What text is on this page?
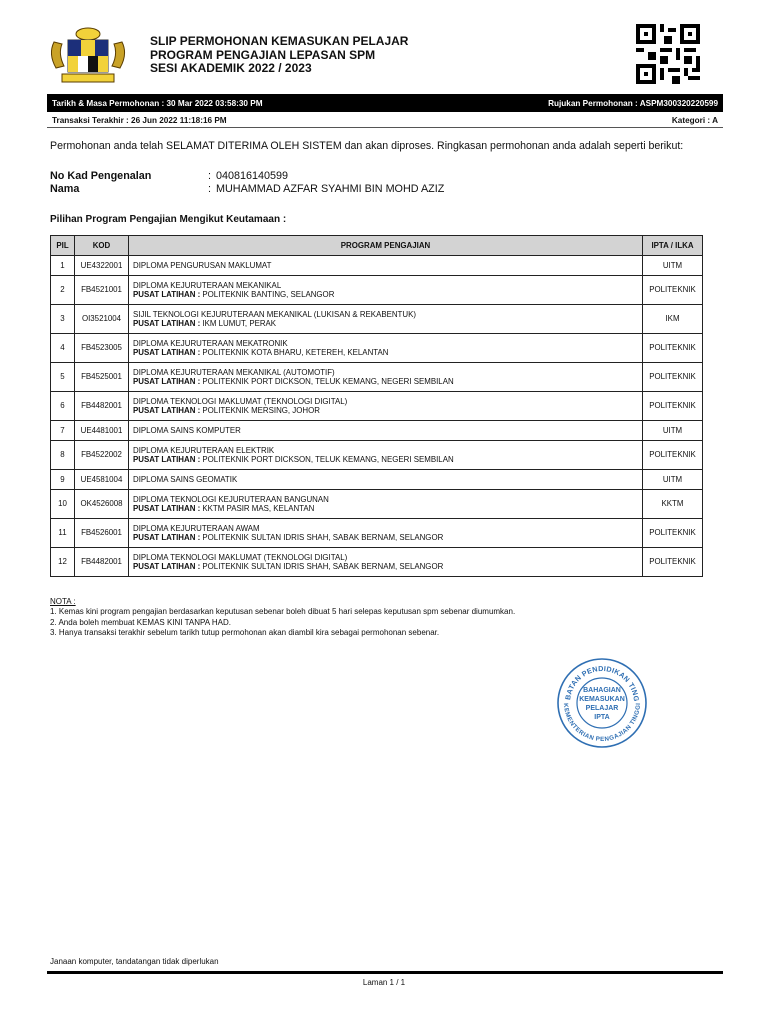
SLIP PERMOHONAN KEMASUKAN PELAJAR
PROGRAM PENGAJIAN LEPASAN SPM
SESI AKADEMIK 2022 / 2023
Tarikh & Masa Permohonan : 30 Mar 2022 03:58:30 PM	Rujukan Permohonan : ASPM300320220599
Transaksi Terakhir : 26 Jun 2022 11:18:16 PM	Kategori : A
Permohonan anda telah SELAMAT DITERIMA OLEH SISTEM dan akan diproses. Ringkasan permohonan anda adalah seperti berikut:
No Kad Pengenalan	: 040816140599
Nama	: MUHAMMAD AZFAR SYAHMI BIN MOHD AZIZ
Pilihan Program Pengajian Mengikut Keutamaan :
PIL	KOD	PROGRAM PENGAJIAN	IPTA / ILKA
1	UE4322001	DIPLOMA PENGURUSAN MAKLUMAT	UITM
2	FB4521001	DIPLOMA KEJURUTERAAN MEKANIKAL
PUSAT LATIHAN : POLITEKNIK BANTING, SELANGOR	POLITEKNIK
3	OI3521004	SIJIL TEKNOLOGI KEJURUTERAAN MEKANIKAL (LUKISAN & REKABENTUK)
PUSAT LATIHAN : IKM LUMUT, PERAK	IKM
4	FB4523005	DIPLOMA KEJURUTERAAN MEKATRONIK
PUSAT LATIHAN : POLITEKNIK KOTA BHARU, KETEREH, KELANTAN	POLITEKNIK
5	FB4525001	DIPLOMA KEJURUTERAAN MEKANIKAL (AUTOMOTIF)
PUSAT LATIHAN : POLITEKNIK PORT DICKSON, TELUK KEMANG, NEGERI SEMBILAN	POLITEKNIK
6	FB4482001	DIPLOMA TEKNOLOGI MAKLUMAT (TEKNOLOGI DIGITAL)
PUSAT LATIHAN : POLITEKNIK MERSING, JOHOR	POLITEKNIK
7	UE4481001	DIPLOMA SAINS KOMPUTER	UITM
8	FB4522002	DIPLOMA KEJURUTERAAN ELEKTRIK
PUSAT LATIHAN : POLITEKNIK PORT DICKSON, TELUK KEMANG, NEGERI SEMBILAN	POLITEKNIK
9	UE4581004	DIPLOMA SAINS GEOMATIK	UITM
10	OK4526008	DIPLOMA TEKNOLOGI KEJURUTERAAN BANGUNAN
PUSAT LATIHAN : KKTM PASIR MAS, KELANTAN	KKTM
11	FB4526001	DIPLOMA KEJURUTERAAN AWAM
PUSAT LATIHAN : POLITEKNIK SULTAN IDRIS SHAH, SABAK BERNAM, SELANGOR	POLITEKNIK
12	FB4482001	DIPLOMA TEKNOLOGI MAKLUMAT (TEKNOLOGI DIGITAL)
PUSAT LATIHAN : POLITEKNIK SULTAN IDRIS SHAH, SABAK BERNAM, SELANGOR	POLITEKNIK
NOTA :
1. Kemas kini program pengajian berdasarkan keputusan sebenar boleh dibuat 5 hari selepas keputusan spm sebenar diumumkan.
2. Anda boleh membuat KEMAS KINI TANPA HAD.
3. Hanya transaksi terakhir sebelum tarikh tutup permohonan akan diambil kira sebagai permohonan sebenar.
BATAN PENDIDIKAN TING
KEMENTERIAN PENGAJIAN TINGGI
BAHAGIAN
KEMASUKAN
PELAJAR
IPTA
Janaan komputer, tandatangan tidak diperlukan
Laman 1 / 1
